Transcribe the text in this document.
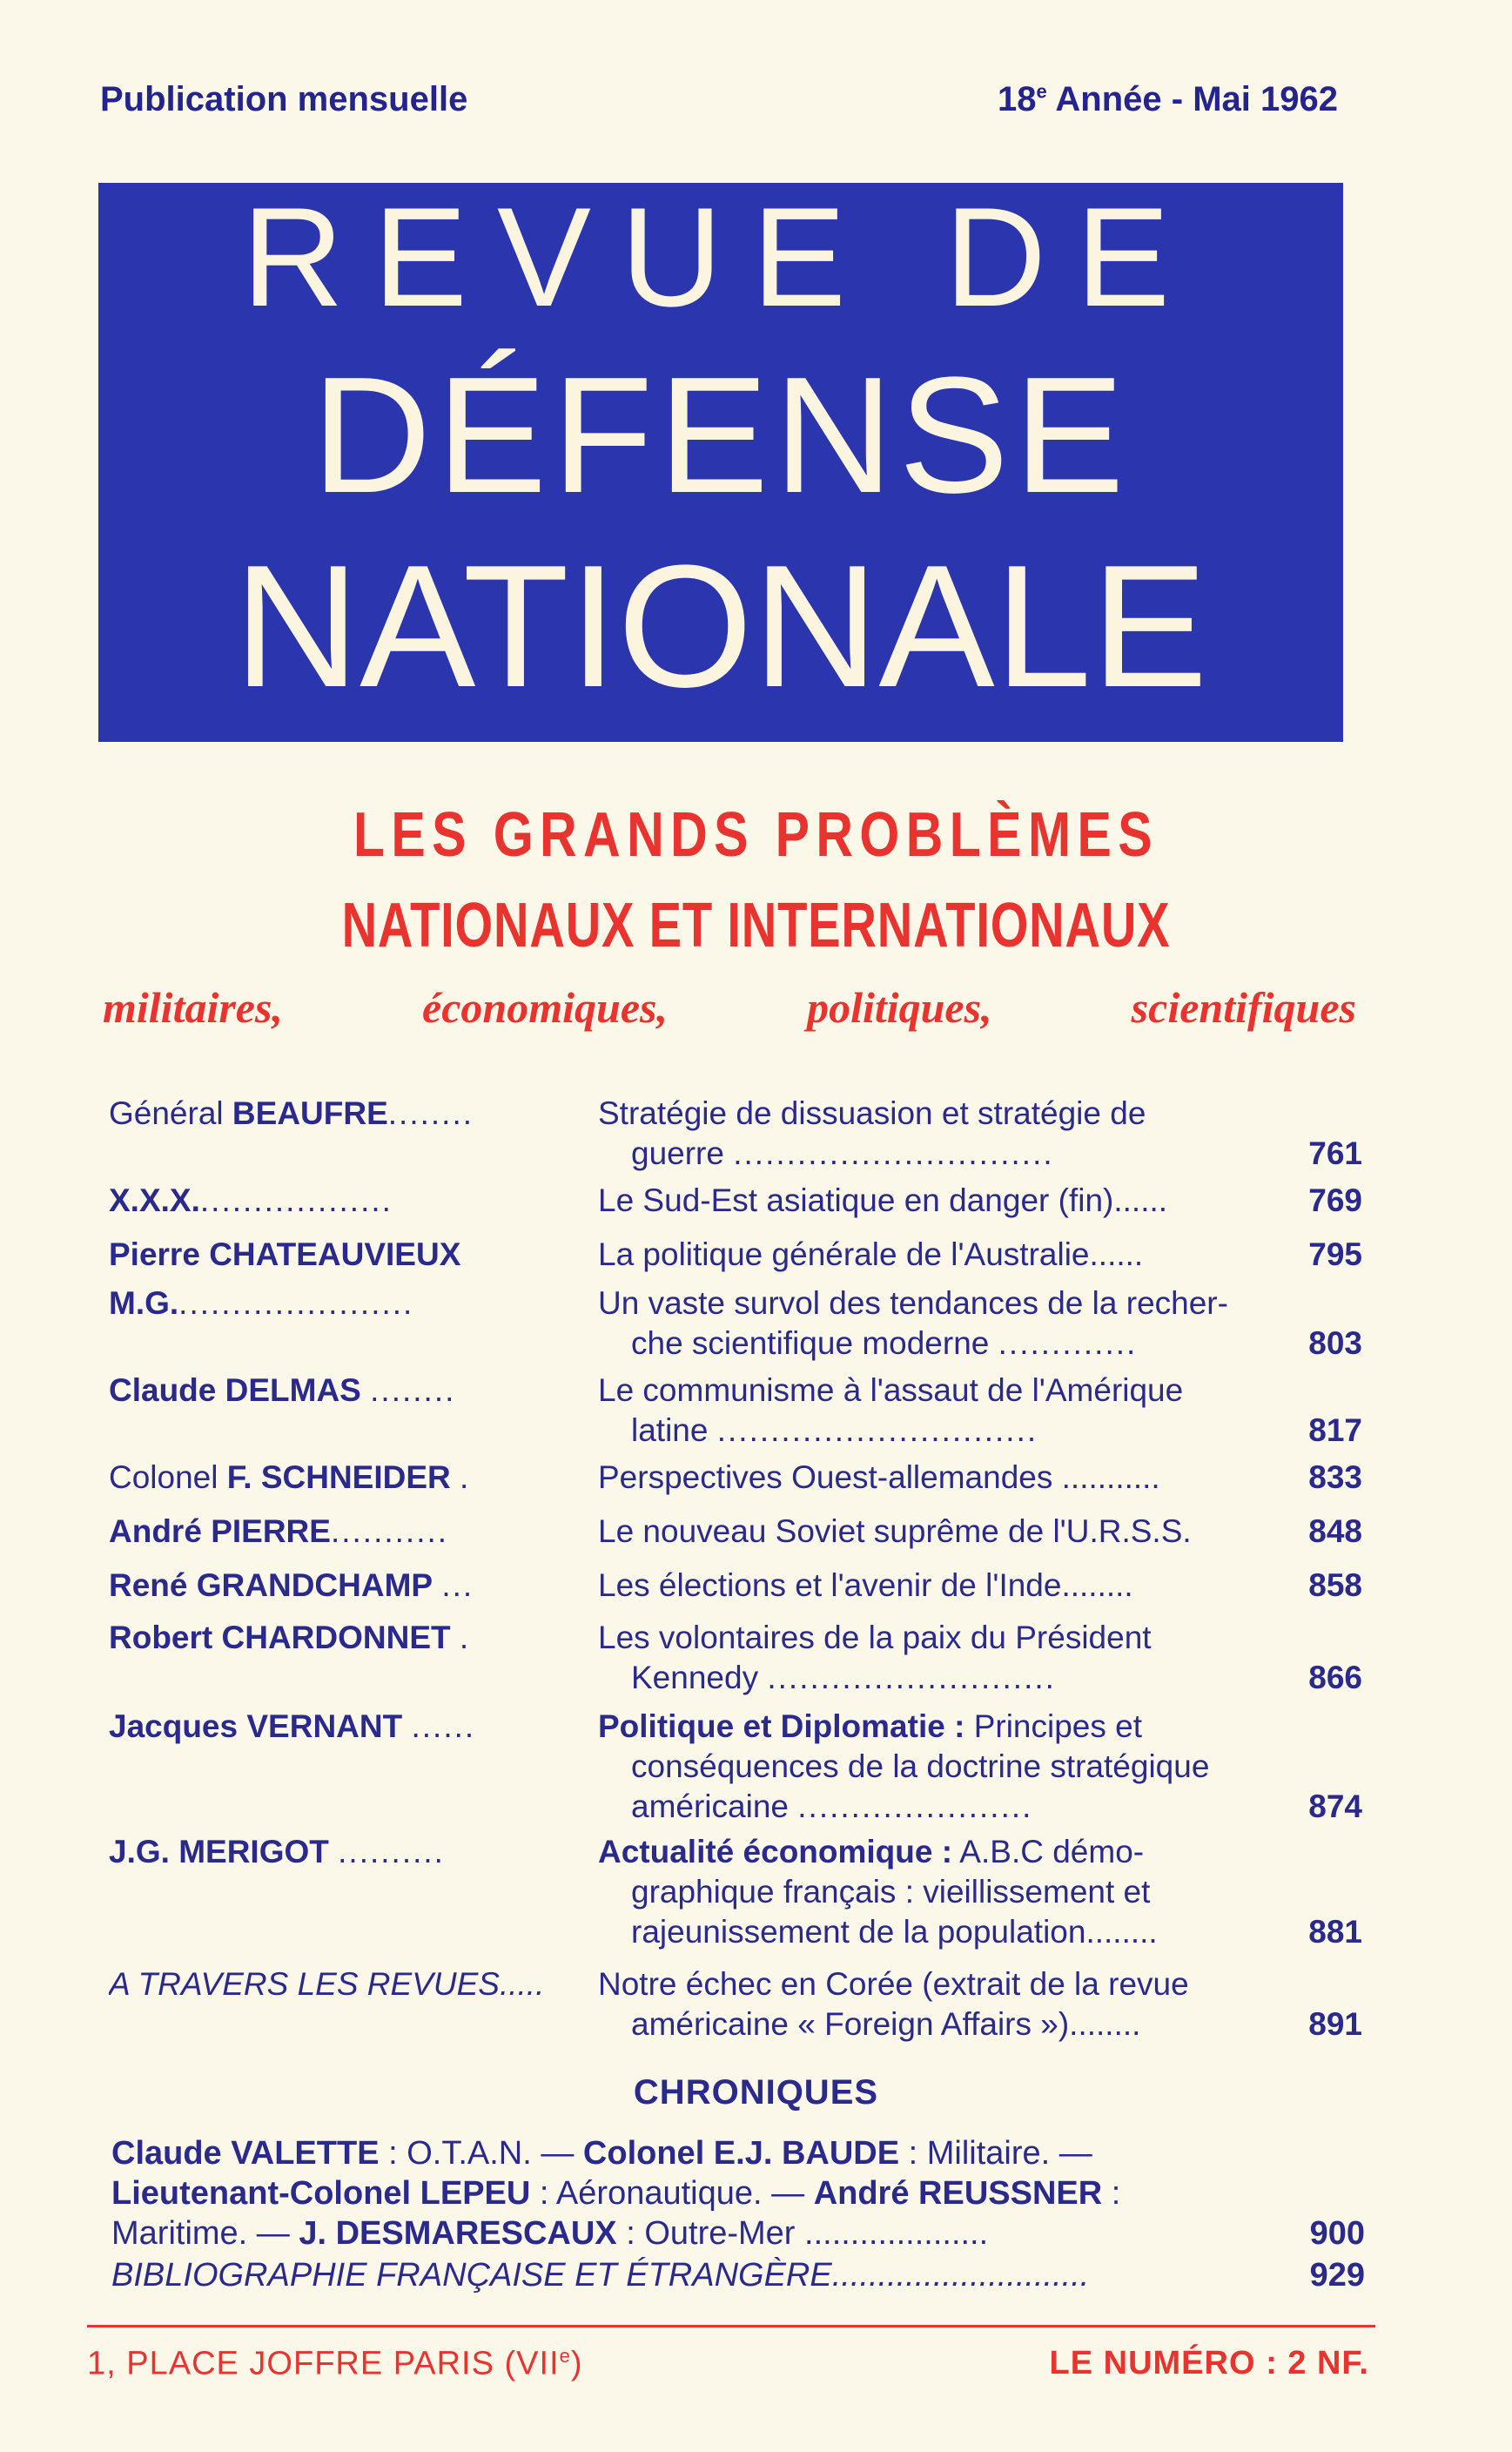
Publication mensuelle	18e Année - Mai 1962
REVUE DE
DÉFENSE
NATIONALE
LES GRANDS PROBLÈMES
NATIONAUX ET INTERNATIONAUX
militaires,	économiques,	politiques,	scientifiques
Général BEAUFRE........	Stratégie de dissuasion et stratégie de
guerre ..............................	761
X.X.X...................	Le Sud-Est asiatique en danger (fin)......	769
Pierre CHATEAUVIEUX	La politique générale de l'Australie......	795
M.G.......................	Un vaste survol des tendances de la recher-
che scientifique moderne .............	803
Claude DELMAS ........	Le communisme à l'assaut de l'Amérique
latine ..............................	817
Colonel F. SCHNEIDER .	Perspectives Ouest-allemandes ...........	833
André PIERRE...........	Le nouveau Soviet suprême de l'U.R.S.S.	848
René GRANDCHAMP ...	Les élections et l'avenir de l'Inde........	858
Robert CHARDONNET .	Les volontaires de la paix du Président
Kennedy ...........................	866
Jacques VERNANT ......	Politique et Diplomatie : Principes et
conséquences de la doctrine stratégique
américaine ......................	874
J.G. MERIGOT ..........	Actualité économique : A.B.C démo-
graphique français : vieillissement et
rajeunissement de la population........	881
A TRAVERS LES REVUES.....	Notre échec en Corée (extrait de la revue
américaine « Foreign Affairs »)........	891
CHRONIQUES
Claude VALETTE : O.T.A.N. — Colonel E.J. BAUDE : Militaire. —
Lieutenant-Colonel LEPEU : Aéronautique. — André REUSSNER :
Maritime. — J. DESMARESCAUX : Outre-Mer ....................	900
BIBLIOGRAPHIE FRANÇAISE ET ÉTRANGÈRE............................	929
1, PLACE JOFFRE PARIS (VIIe)	LE NUMÉRO : 2 NF.
